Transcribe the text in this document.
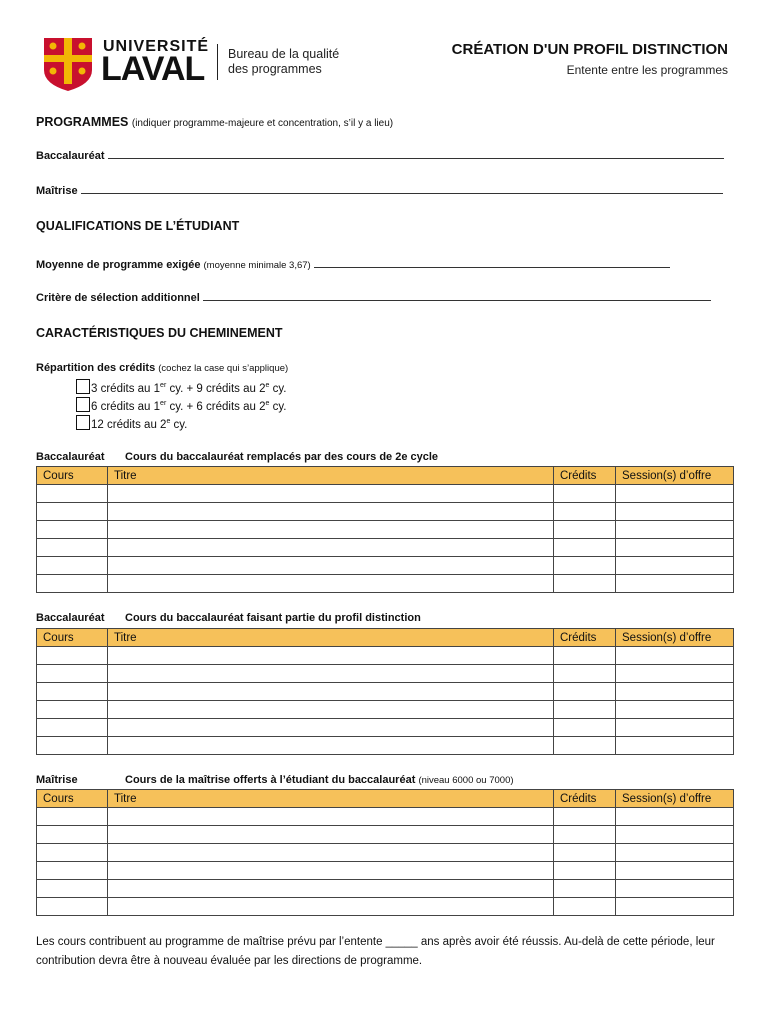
UNIVERSITÉ
LAVAL Bureau de la qualité
des programmes
CRÉATION D'UN PROFIL DISTINCTION
Entente entre les programmes
PROGRAMMES (indiquer programme-majeure et concentration, s’il y a lieu)
Baccalauréat
Maîtrise
QUALIFICATIONS DE L’ÉTUDIANT
Moyenne de programme exigée (moyenne minimale 3,67)
Critère de sélection additionnel
CARACTÉRISTIQUES DU CHEMINEMENT
Répartition des crédits (cochez la case qui s’applique)
3 crédits au 1er cy. + 9 crédits au 2e cy.
6 crédits au 1er cy. + 6 crédits au 2e cy.
12 crédits au 2e cy.
Baccalauréat Cours du baccalauréat remplacés par des cours de 2e cycle
Cours	Titre	Crédits	Session(s) d’offre

Baccalauréat Cours du baccalauréat faisant partie du profil distinction
Cours	Titre	Crédits	Session(s) d’offre

Maîtrise	Cours de la maîtrise offerts à l’étudiant du baccalauréat (niveau 6000 ou 7000)
Cours	Titre	Crédits	Session(s) d’offre

Les cours contribuent au programme de maîtrise prévu par l’entente _____ ans après avoir été réussis. Au-delà de cette période, leur contribution devra être à nouveau évaluée par les directions de programme.
